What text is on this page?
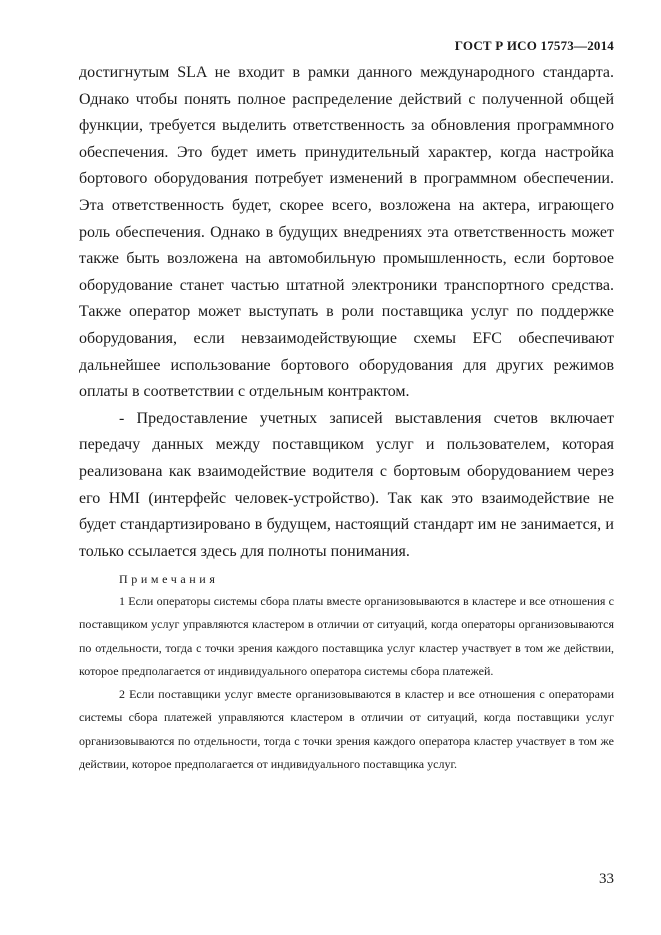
ГОСТ Р ИСО 17573—2014

достигнутым SLA не входит в рамки данного международного стандарта. Однако чтобы понять полное распределение действий с полученной общей функции, требуется выделить ответственность за обновления программного обеспечения. Это будет иметь принудительный характер, когда настройка бортового оборудования потребует изменений в программном обеспечении. Эта ответственность будет, скорее всего, возложена на актера, играющего роль обеспечения. Однако в будущих внедрениях эта ответственность может также быть возложена на автомобильную промышленность, если бортовое оборудование станет частью штатной электроники транспортного средства. Также оператор может выступать в роли поставщика услуг по поддержке оборудования, если невзаимодействующие схемы EFC обеспечивают дальнейшее использование бортового оборудования для других режимов оплаты в соответствии с отдельным контрактом.

- Предоставление учетных записей выставления счетов включает передачу данных между поставщиком услуг и пользователем, которая реализована как взаимодействие водителя с бортовым оборудованием через его HMI (интерфейс человек-устройство). Так как это взаимодействие не будет стандартизировано в будущем, настоящий стандарт им не занимается, и только ссылается здесь для полноты понимания.

Примечания

1 Если операторы системы сбора платы вместе организовываются в кластере и все отношения с поставщиком услуг управляются кластером в отличии от ситуаций, когда операторы организовываются по отдельности, тогда с точки зрения каждого поставщика услуг кластер участвует в том же действии, которое предполагается от индивидуального оператора системы сбора платежей.

2 Если поставщики услуг вместе организовываются в кластер и все отношения с операторами системы сбора платежей управляются кластером в отличии от ситуаций, когда поставщики услуг организовываются по отдельности, тогда с точки зрения каждого оператора кластер участвует в том же действии, которое предполагается от индивидуального поставщика услуг.

33
